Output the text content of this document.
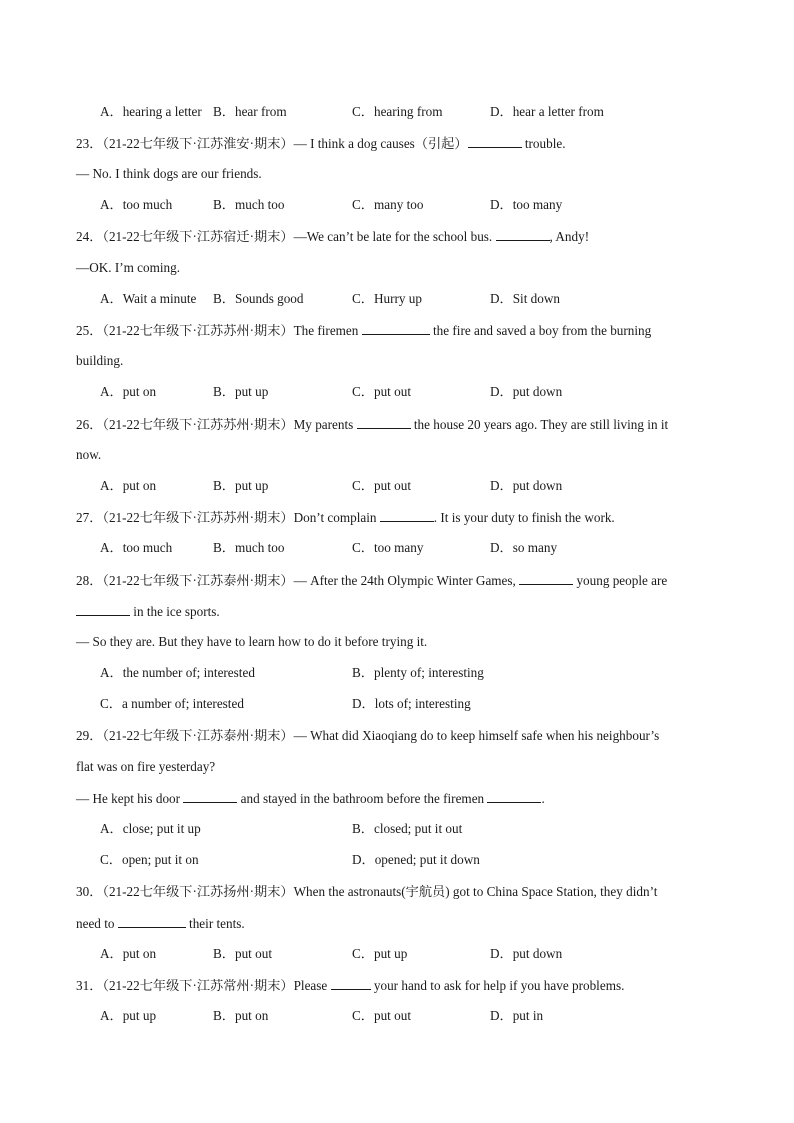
A．hearing a letter B．hear from	C．hearing from	D．hear a letter from
23．（21-22七年级下·江苏淮安·期末）— I think a dog causes（引起）	trouble.
— No. I think dogs are our friends.
A．too much	B．much too	C．many too	D．too many
24．（21-22七年级下·江苏宿迁·期末）—We can’t be late for the school bus.	, Andy!
—OK. I’m coming.
A．Wait a minute B．Sounds good	C．Hurry up	D．Sit down
25．（21-22七年级下·江苏苏州·期末）The firemen	the fire and saved a boy from the burning
building.
A．put on	B．put up	C．put out	D．put down
26．（21-22七年级下·江苏苏州·期末）My parents	the house 20 years ago. They are still living in it
now.
A．put on	B．put up	C．put out	D．put down
27．（21-22七年级下·江苏苏州·期末）Don’t complain	. It is your duty to finish the work.
A．too much	B．much too	C．too many	D．so many
28．（21-22七年级下·江苏泰州·期末）— After the 24th Olympic Winter Games,	young people are
in the ice sports.
— So they are. But they have to learn how to do it before trying it.
A．the number of; interested	B．plenty of; interesting
C．a number of; interested	D．lots of; interesting
29．（21-22七年级下·江苏泰州·期末）— What did Xiaoqiang do to keep himself safe when his neighbour’s
flat was on fire yesterday?
— He kept his door	and stayed in the bathroom before the firemen	.
A．close; put it up	B．closed; put it out
C．open; put it on	D．opened; put it down
30．（21-22七年级下·江苏扬州·期末）When the astronauts(宇航员) got to China Space Station, they didn’t
need to	their tents.
A．put on	B．put out	C．put up	D．put down
31．（21-22七年级下·江苏常州·期末）Please	your hand to ask for help if you have problems.
A．put up	B．put on	C．put out	D．put in
